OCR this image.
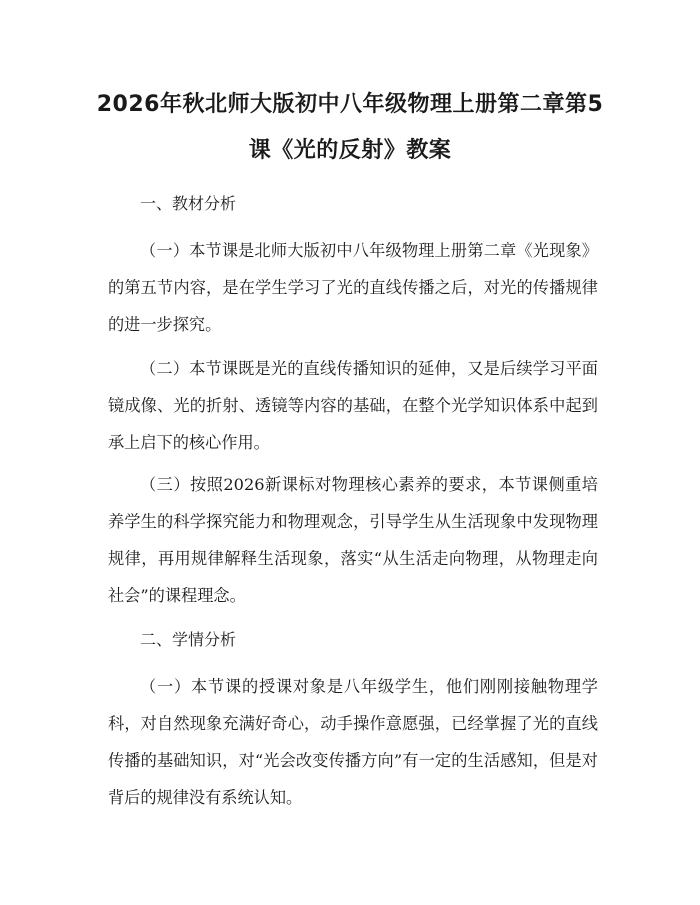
2026年秋北师大版初中八年级物理上册第二章第5课《光的反射》教案

一、教材分析

（一）本节课是北师大版初中八年级物理上册第二章《光现象》的第五节内容，是在学生学习了光的直线传播之后，对光的传播规律的进一步探究。

（二）本节课既是光的直线传播知识的延伸，又是后续学习平面镜成像、光的折射、透镜等内容的基础，在整个光学知识体系中起到承上启下的核心作用。

（三）按照2026新课标对物理核心素养的要求，本节课侧重培养学生的科学探究能力和物理观念，引导学生从生活现象中发现物理规律，再用规律解释生活现象，落实“从生活走向物理，从物理走向社会”的课程理念。

二、学情分析

（一）本节课的授课对象是八年级学生，他们刚刚接触物理学科，对自然现象充满好奇心，动手操作意愿强，已经掌握了光的直线传播的基础知识，对“光会改变传播方向”有一定的生活感知，但是对背后的规律没有系统认知。
